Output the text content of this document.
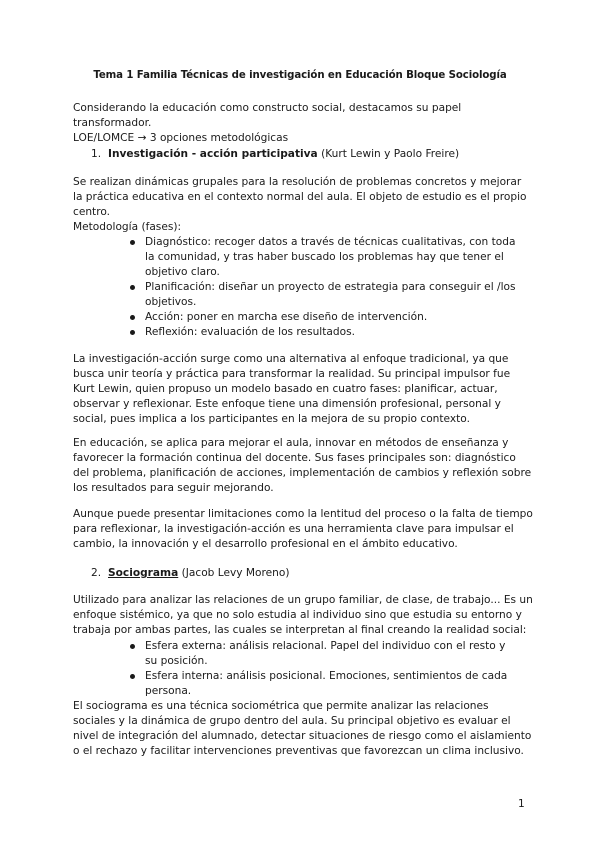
Tema 1 Familia Técnicas de investigación en Educación Bloque Sociología

Considerando la educación como constructo social, destacamos su papel transformador.

LOE/LOMCE → 3 opciones metodológicas

1. Investigación - acción participativa (Kurt Lewin y Paolo Freire)

Se realizan dinámicas grupales para la resolución de problemas concretos y mejorar la práctica educativa en el contexto normal del aula. El objeto de estudio es el propio centro.

Metodología (fases):

Diagnóstico: recoger datos a través de técnicas cualitativas, con toda la comunidad, y tras haber buscado los problemas hay que tener el objetivo claro.
Planificación: diseñar un proyecto de estrategia para conseguir el /los objetivos.
Acción: poner en marcha ese diseño de intervención.
Reflexión: evaluación de los resultados.

La investigación-acción surge como una alternativa al enfoque tradicional, ya que busca unir teoría y práctica para transformar la realidad. Su principal impulsor fue Kurt Lewin, quien propuso un modelo basado en cuatro fases: planificar, actuar, observar y reflexionar. Este enfoque tiene una dimensión profesional, personal y social, pues implica a los participantes en la mejora de su propio contexto.

En educación, se aplica para mejorar el aula, innovar en métodos de enseñanza y favorecer la formación continua del docente. Sus fases principales son: diagnóstico del problema, planificación de acciones, implementación de cambios y reflexión sobre los resultados para seguir mejorando.

Aunque puede presentar limitaciones como la lentitud del proceso o la falta de tiempo para reflexionar, la investigación-acción es una herramienta clave para impulsar el cambio, la innovación y el desarrollo profesional en el ámbito educativo.

2. Sociograma (Jacob Levy Moreno)

Utilizado para analizar las relaciones de un grupo familiar, de clase, de trabajo... Es un enfoque sistémico, ya que no solo estudia al individuo sino que estudia su entorno y trabaja por ambas partes, las cuales se interpretan al final creando la realidad social:

Esfera externa: análisis relacional. Papel del individuo con el resto y su posición.
Esfera interna: análisis posicional. Emociones, sentimientos de cada persona.

El sociograma es una técnica sociométrica que permite analizar las relaciones sociales y la dinámica de grupo dentro del aula. Su principal objetivo es evaluar el nivel de integración del alumnado, detectar situaciones de riesgo como el aislamiento o el rechazo y facilitar intervenciones preventivas que favorezcan un clima inclusivo.

1
